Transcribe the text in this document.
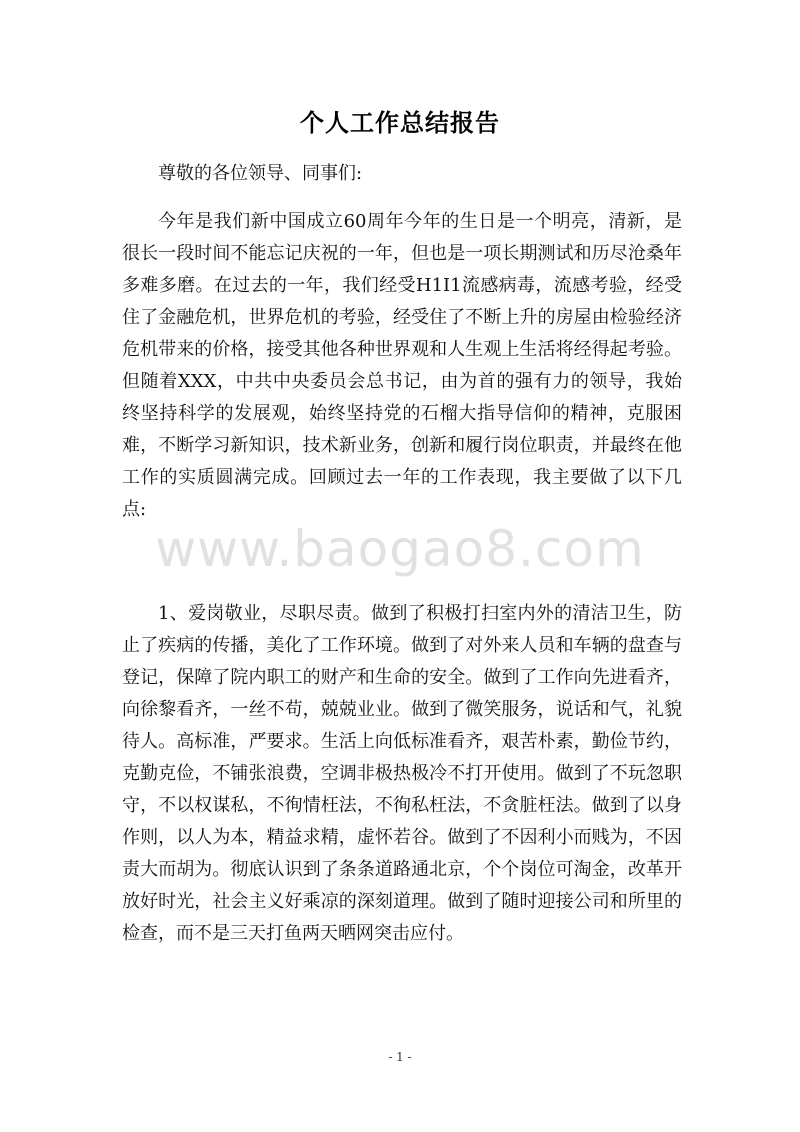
个人工作总结报告

尊敬的各位领导、同事们:

今年是我们新中国成立60周年今年的生日是一个明亮，清新，是很长一段时间不能忘记庆祝的一年，但也是一项长期测试和历尽沧桑年多难多磨。在过去的一年，我们经受H1I1流感病毒，流感考验，经受住了金融危机，世界危机的考验，经受住了不断上升的房屋由检验经济危机带来的价格，接受其他各种世界观和人生观上生活将经得起考验。但随着XXX，中共中央委员会总书记，由为首的强有力的领导，我始终坚持科学的发展观，始终坚持党的石榴大指导信仰的精神，克服困难，不断学习新知识，技术新业务，创新和履行岗位职责，并最终在他工作的实质圆满完成。回顾过去一年的工作表现，我主要做了以下几点:

1、爱岗敬业，尽职尽责。做到了积极打扫室内外的清洁卫生，防止了疾病的传播，美化了工作环境。做到了对外来人员和车辆的盘查与登记，保障了院内职工的财产和生命的安全。做到了工作向先进看齐，向徐黎看齐，一丝不苟，兢兢业业。做到了微笑服务，说话和气，礼貌待人。高标准，严要求。生活上向低标准看齐，艰苦朴素，勤俭节约，克勤克俭，不铺张浪费，空调非极热极冷不打开使用。做到了不玩忽职守，不以权谋私，不徇情枉法，不徇私枉法，不贪脏枉法。做到了以身作则，以人为本，精益求精，虚怀若谷。做到了不因利小而贱为，不因责大而胡为。彻底认识到了条条道路通北京，个个岗位可淘金，改革开放好时光，社会主义好乘凉的深刻道理。做到了随时迎接公司和所里的检查，而不是三天打鱼两天晒网突击应付。

www.baogao8.com
- 1 -
